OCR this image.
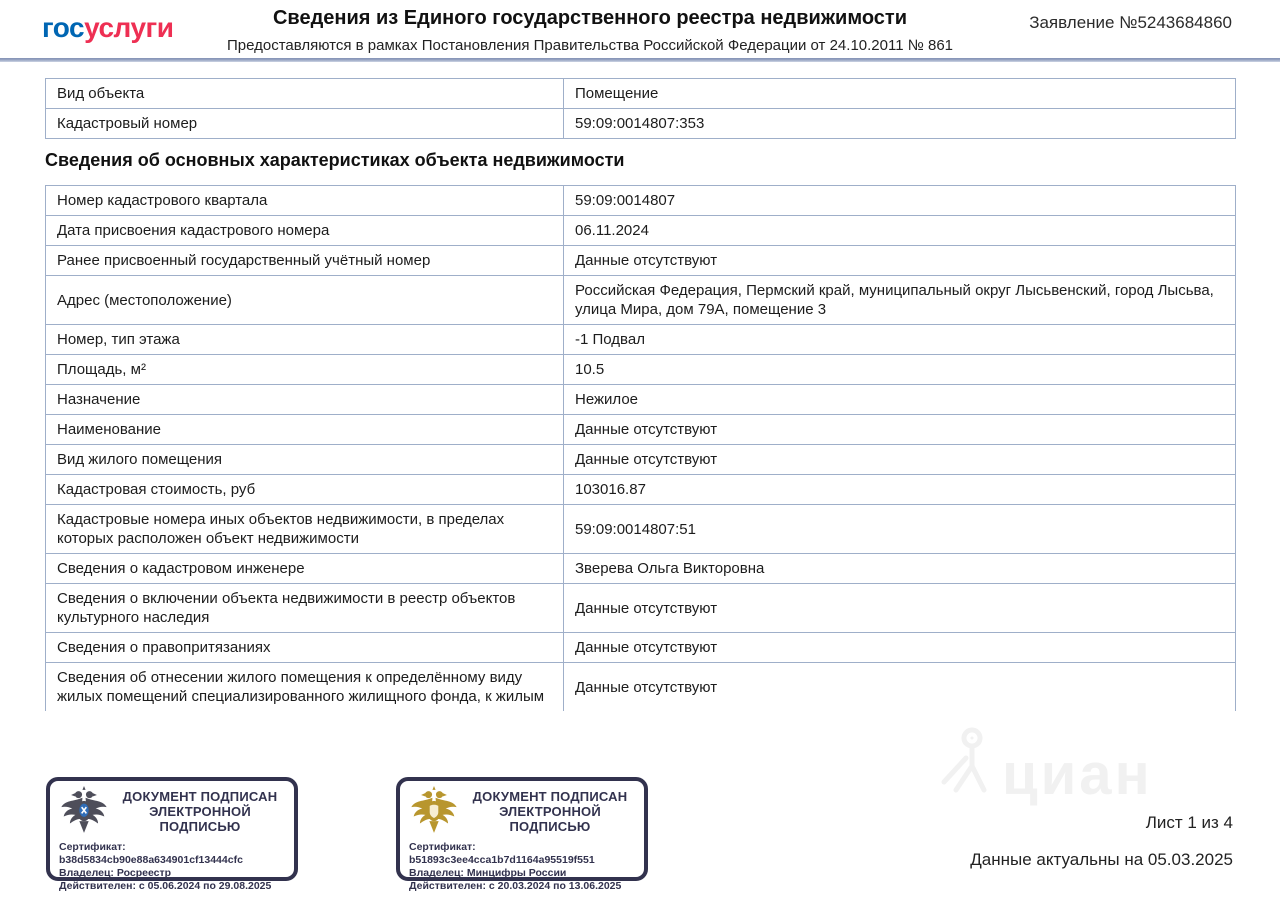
госуслуги	Сведения из Единого государственного реестра недвижимости
Предоставляются в рамках Постановления Правительства Российской Федерации от 24.10.2011 № 861
Заявление №5243684860
Вид объекта	Помещение
Кадастровый номер	59:09:0014807:353
Сведения об основных характеристиках объекта недвижимости
Номер кадастрового квартала	59:09:0014807
Дата присвоения кадастрового номера	06.11.2024
Ранее присвоенный государственный учётный номер	Данные отсутствуют
Адрес (местоположение)	Российская Федерация, Пермский край, муниципальный округ Лысьвенский, город Лысьва, улица Мира, дом 79А, помещение 3
Номер, тип этажа	-1 Подвал
Площадь, м²	10.5
Назначение	Нежилое
Наименование	Данные отсутствуют
Вид жилого помещения	Данные отсутствуют
Кадастровая стоимость, руб	103016.87
Кадастровые номера иных объектов недвижимости, в пределах которых расположен объект недвижимости	59:09:0014807:51
Сведения о кадастровом инженере	Зверева Ольга Викторовна
Сведения о включении объекта недвижимости в реестр объектов культурного наследия	Данные отсутствуют
Сведения о правопритязаниях	Данные отсутствуют
Сведения об отнесении жилого помещения к определённому виду жилых помещений специализированного жилищного фонда, к жилым	Данные отсутствуют
ДОКУМЕНТ ПОДПИСАН
ЭЛЕКТРОННОЙ
ПОДПИСЬЮ
Сертификат: b38d5834cb90e88a634901cf13444cfc
Владелец: Росреестр
Действителен: с 05.06.2024 по 29.08.2025
ДОКУМЕНТ ПОДПИСАН
ЭЛЕКТРОННОЙ
ПОДПИСЬЮ
Сертификат: b51893c3ee4cca1b7d1164a95519f551
Владелец: Минцифры России
Действителен: с 20.03.2024 по 13.06.2025
циан
Лист 1 из 4
Данные актуальны на 05.03.2025
